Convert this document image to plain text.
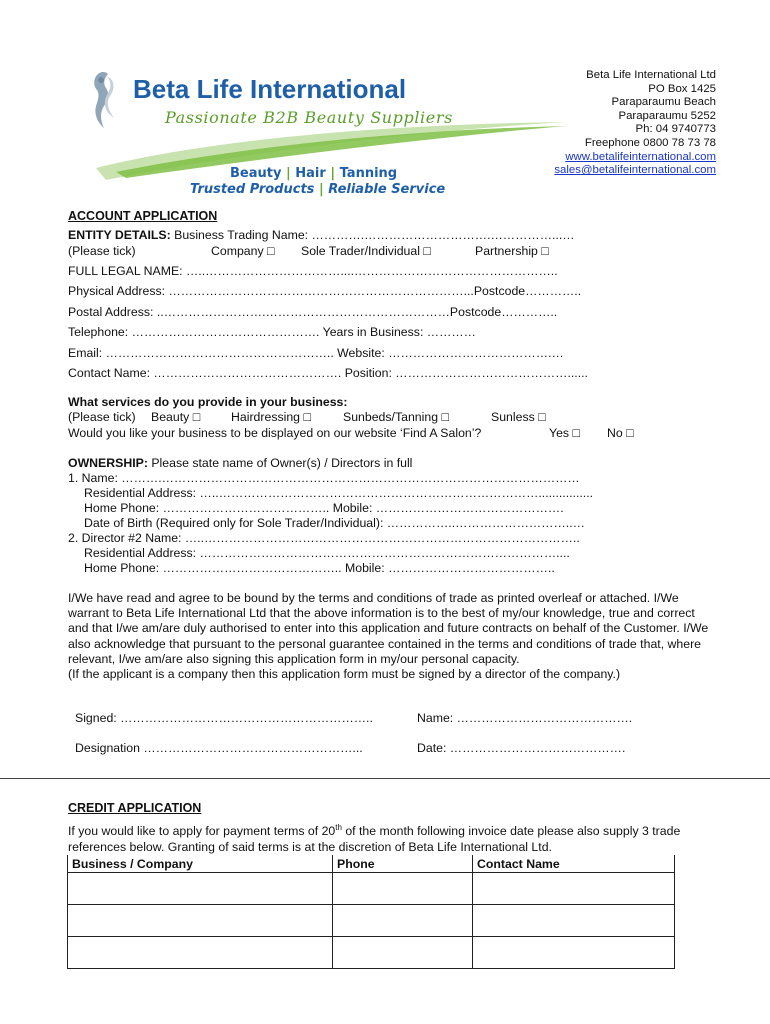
Beta Life International
Passionate B2B Beauty Suppliers
Beauty | Hair | Tanning
Trusted Products | Reliable Service
Beta Life International Ltd
PO Box 1425
Paraparaumu Beach
Paraparaumu 5252
Ph: 04 9740773
Freephone 0800 78 73 78
www.betalifeinternational.com
sales@betalifeinternational.com
ACCOUNT APPLICATION
ENTITY DETAILS: Business Trading Name: ………….………………………….……………...…
(Please tick)	Company □ Sole Trader/Individual □	Partnership □
FULL LEGAL NAME: …..……………………………....…………………………………………..
Physical Address: ………………………………………………………………...Postcode…………..
Postal Address: ..…………………….………………………………………Postcode…………..
Telephone: ………………………………………. Years in Business: …………
Email: ……………………………………………….. Website: ………………………………….…
Contact Name: ………………………………………. Position: ……………………………………......
What services do you provide in your business:
(Please tick) Beauty □	Hairdressing □	Sunbeds/Tanning □	Sunless □
Would you like your business to be displayed on our website ‘Find A Salon’?	Yes □ No □
OWNERSHIP: Please state name of Owner(s) / Directors in full
1. Name: ……….…………………………………………………………………………………………
Residential Address: …..……………………………………………………………………................
Home Phone: ………………………………….. Mobile: ……………………………………….
Date of Birth (Required only for Sole Trader/Individual): ……………..………………………..…
2. Director #2 Name: …..………………………………………………………………………………..
Residential Address: ……………………………………………………………………………....
Home Phone: …………………………………….. Mobile: …………………………………..
I/We have read and agree to be bound by the terms and conditions of trade as printed overleaf or attached. I/We warrant to Beta Life International Ltd that the above information is to the best of my/our knowledge, true and correct and that I/we am/are duly authorised to enter into this application and future contracts on behalf of the Customer. I/We also acknowledge that pursuant to the personal guarantee contained in the terms and conditions of trade that, where relevant, I/we am/are also signing this application form in my/our personal capacity.
(If the applicant is a company then this application form must be signed by a director of the company.)
Signed: ……………………………………………………..	Name: …………………………………….
Designation ……………………………………………...	Date: …………………………………….
CREDIT APPLICATION
If you would like to apply for payment terms of 20th of the month following invoice date please also supply 3 trade references below. Granting of said terms is at the discretion of Beta Life International Ltd.
Business / Company	Phone	Contact Name
